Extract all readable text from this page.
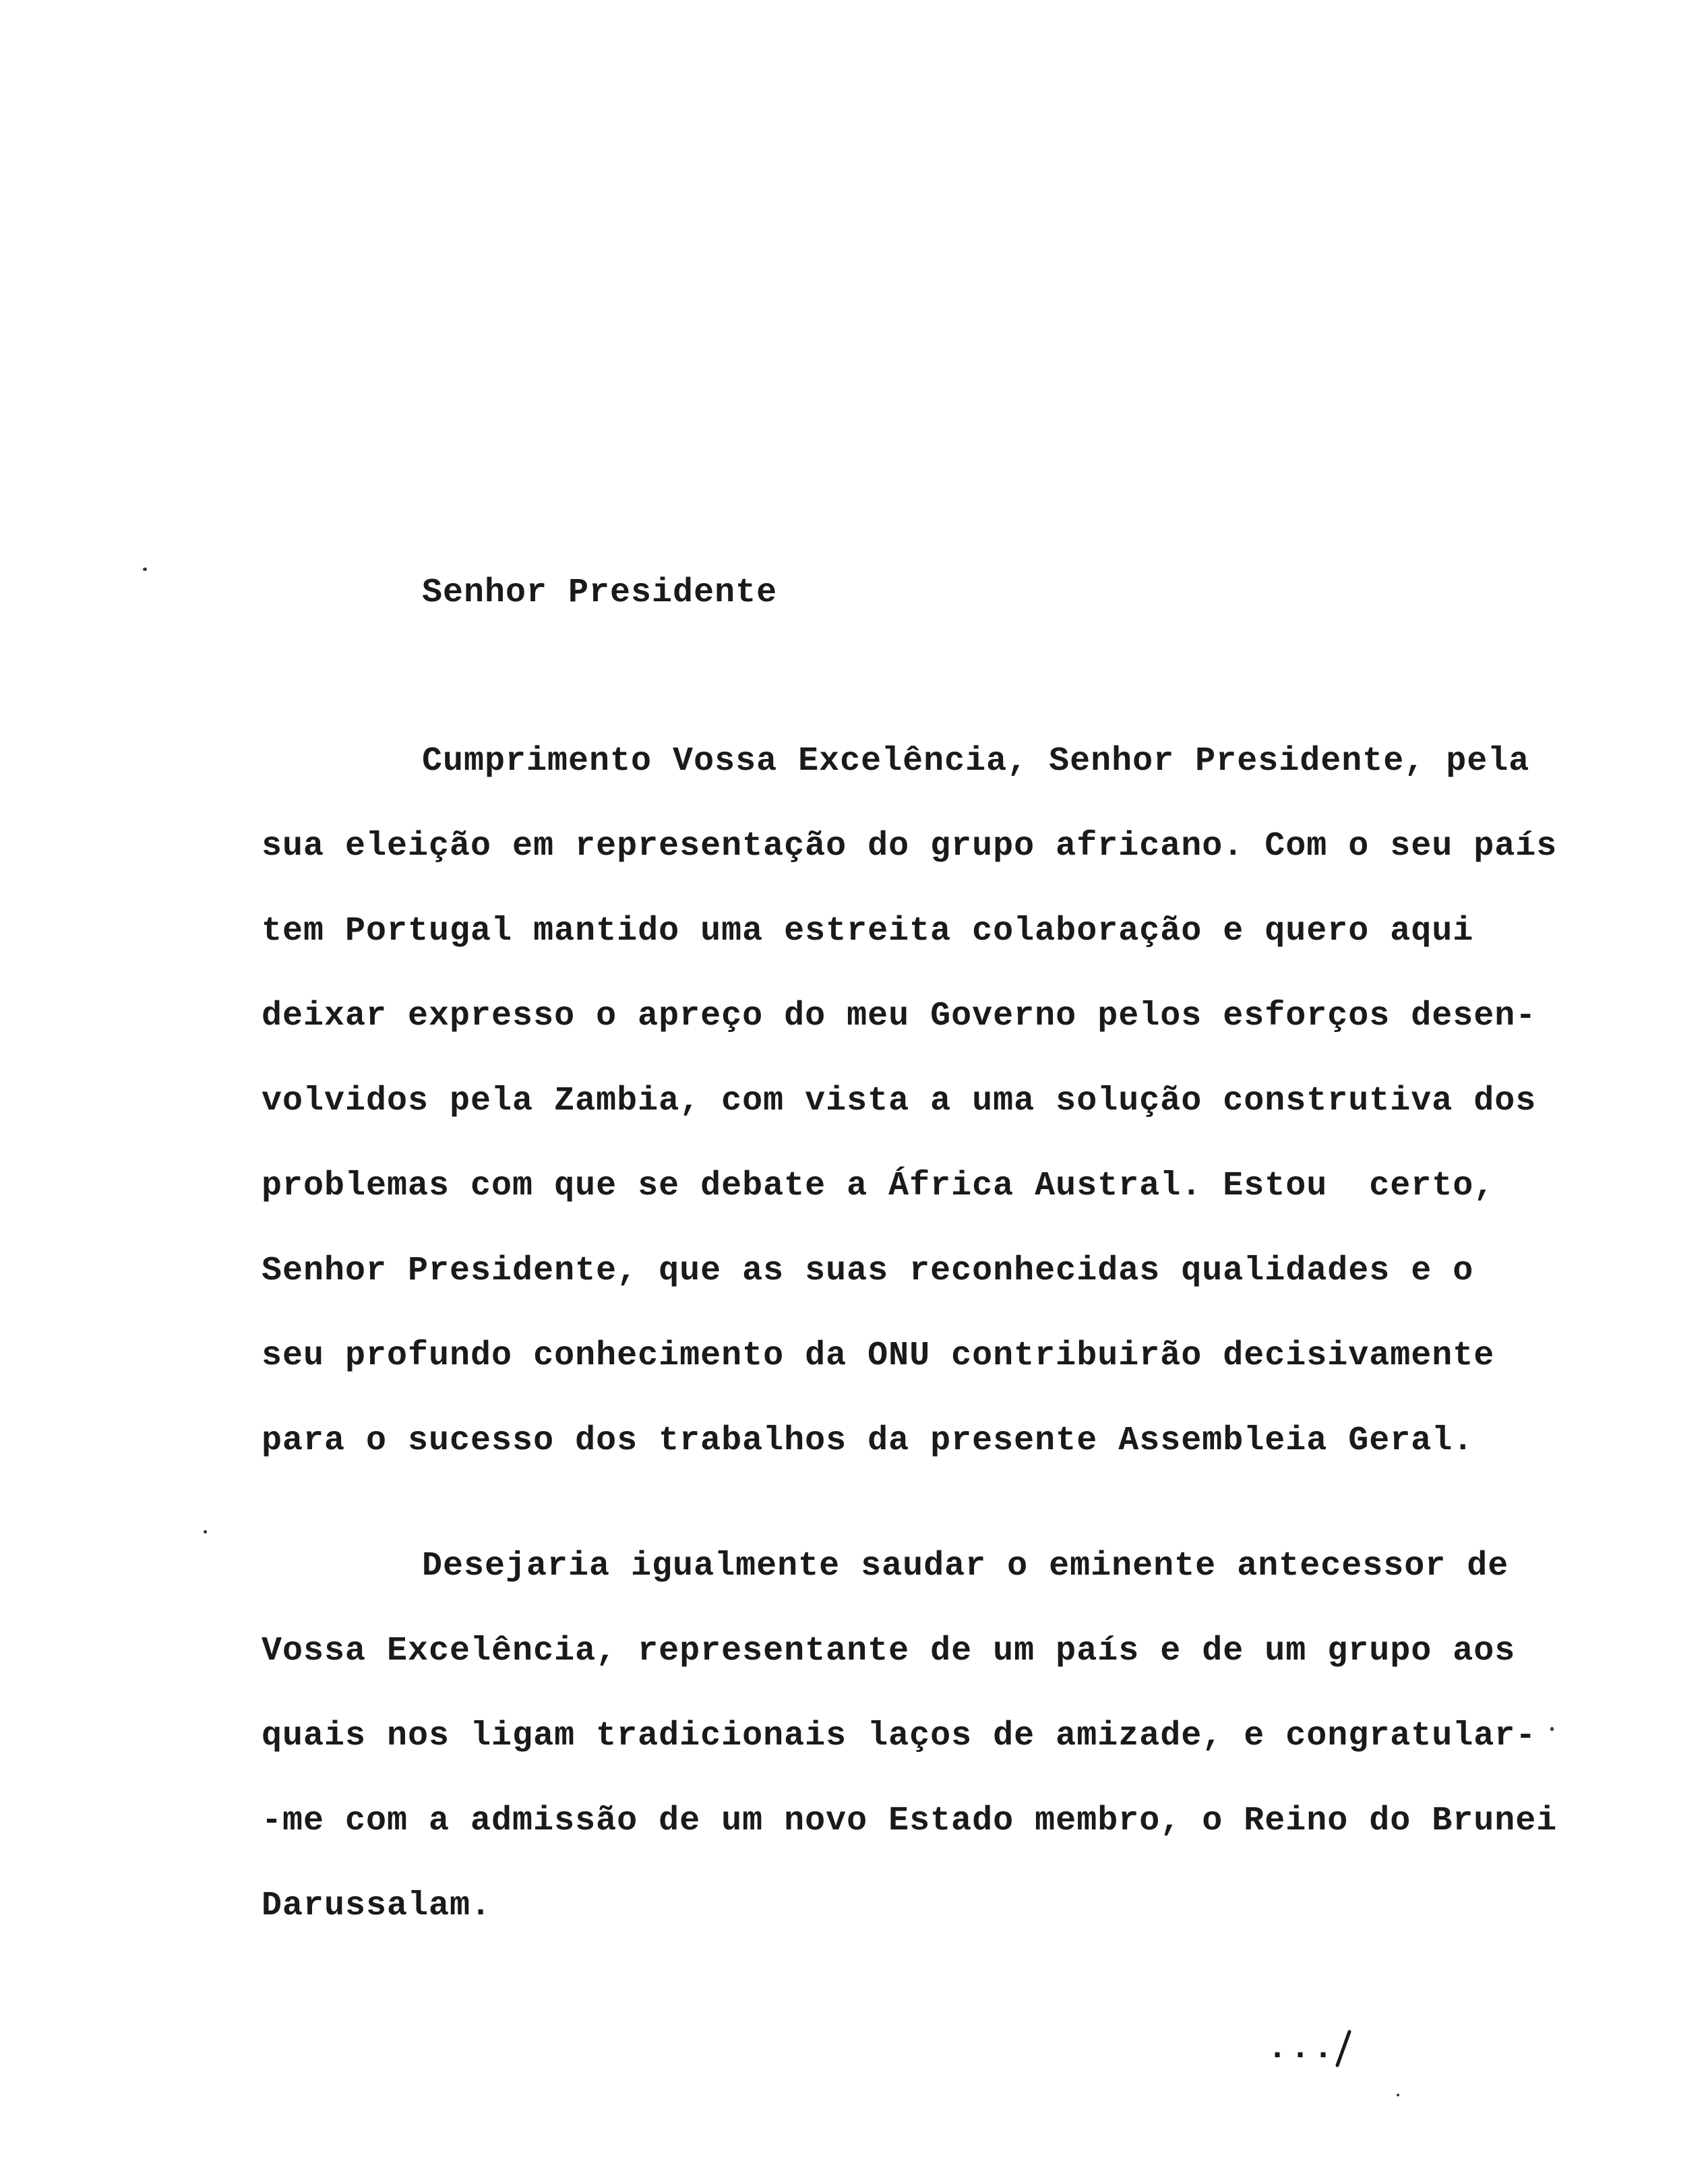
Senhor Presidente
Cumprimento Vossa Excelência, Senhor Presidente, pela
sua eleição em representação do grupo africano. Com o seu país
tem Portugal mantido uma estreita colaboração e quero aqui
deixar expresso o apreço do meu Governo pelos esforços desen-
volvidos pela Zambia, com vista a uma solução construtiva dos
problemas com que se debate a África Austral. Estou  certo,
Senhor Presidente, que as suas reconhecidas qualidades e o
seu profundo conhecimento da ONU contribuirão decisivamente
para o sucesso dos trabalhos da presente Assembleia Geral.
Desejaria igualmente saudar o eminente antecessor de
Vossa Excelência, representante de um país e de um grupo aos
quais nos ligam tradicionais laços de amizade, e congratular-
-me com a admissão de um novo Estado membro, o Reino do Brunei
Darussalam.
...
